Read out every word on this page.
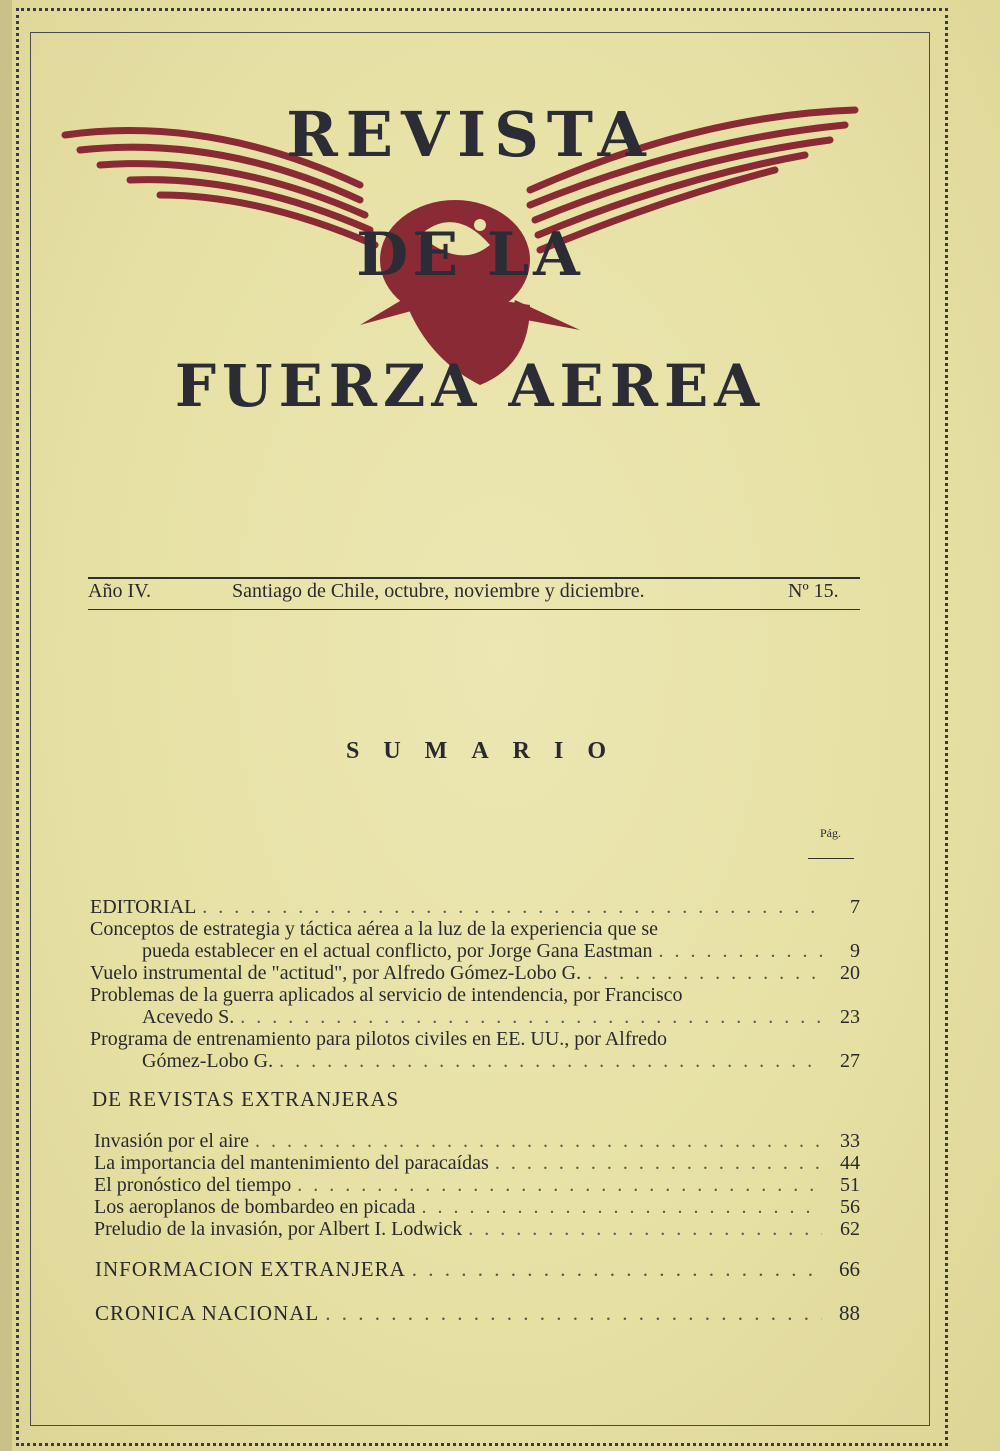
REVISTA
DE LA
FUERZA AEREA
Año IV.	Santiago de Chile, octubre, noviembre y diciembre.	Nº 15.
SUMARIO
Pág.
EDITORIAL . . .	7
Conceptos de estrategia y táctica aérea a la luz de la experiencia que se
pueda establecer en el actual conflicto, por Jorge Gana Eastman . . .	9
Vuelo instrumental de "actitud", por Alfredo Gómez-Lobo G. . . .	20
Problemas de la guerra aplicados al servicio de intendencia, por Francisco
Acevedo S. . . .	23
Programa de entrenamiento para pilotos civiles en EE. UU., por Alfredo
Gómez-Lobo G. . . .	27
DE REVISTAS EXTRANJERAS
Invasión por el aire . . .	33
La importancia del mantenimiento del paracaídas . . .	44
El pronóstico del tiempo . . .	51
Los aeroplanos de bombardeo en picada . . .	56
Preludio de la invasión, por Albert I. Lodwick . . .	62
INFORMACION EXTRANJERA . . .	66
CRONICA NACIONAL . . .	88
